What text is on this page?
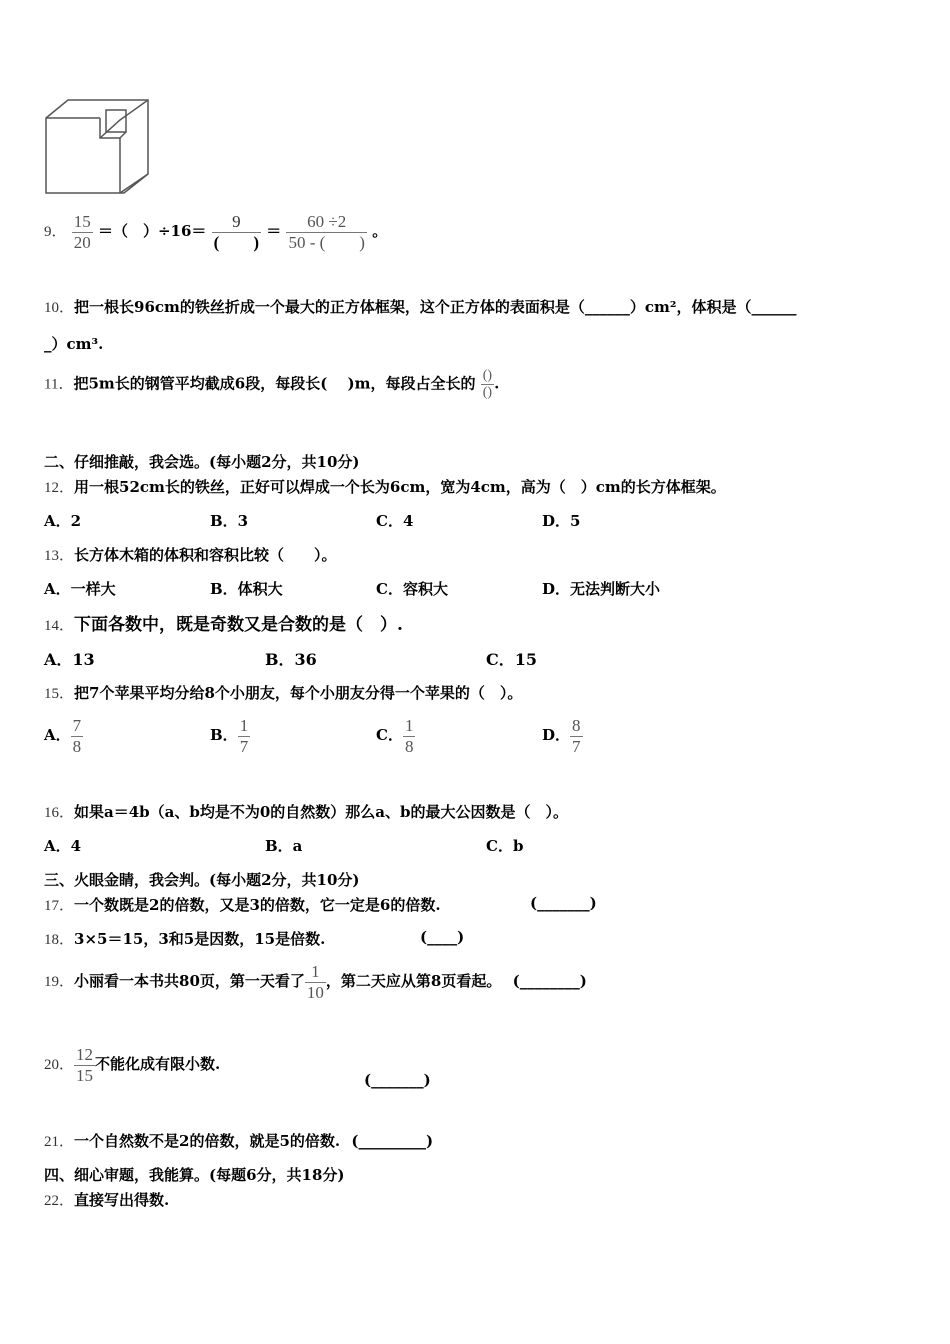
9． $\frac{15}{20}$ ＝（　）$\div 16= \frac{9}{( )} = \frac{60 \div 2}{50 - ( )}$ 。
10．把一根长96cm的铁丝折成一个最大的正方体框架，这个正方体的表面积是（______）cm²，体积是（______
_）cm³.
11．把5m长的钢管平均截成6段，每段长(　 )m，每段占全长的 $\frac{()}{()}$ .
二、仔细推敲，我会选。(每小题2分，共10分)
12．用一根52cm长的铁丝，正好可以焊成一个长为6cm，宽为4cm，高为（　）cm的长方体框架。
A．2	B．3	C．4	D．5
13．长方体木箱的体积和容积比较（　　）。
A．一样大	B．体积大	C．容积大	D．无法判断大小
14．下面各数中，既是奇数又是合数的是（　）.
A．13	B．36	C．15
15．把7个苹果平均分给8个小朋友，每个小朋友分得一个苹果的（　）。
A． $\frac{7}{8}$	B． $\frac{1}{7}$	C． $\frac{1}{8}$	D． $\frac{8}{7}$
16．如果a＝4b（a、b均是不为0的自然数）那么a、b的最大公因数是（　）。
A．4	B．a	C．b
三、火眼金睛，我会判。(每小题2分，共10分)
17．一个数既是2的倍数，又是3的倍数，它一定是6的倍数.	(_______)
18．3×5＝15，3和5是因数，15是倍数.	(____)
19．小丽看一本书共80页，第一天看了 $\frac{1}{10}$ ，第二天应从第8页看起。 (________)
20． $\frac{12}{15}$ 不能化成有限小数.
(_______)
21．一个自然数不是2的倍数，就是5的倍数. (_________)
四、细心审题，我能算。(每题6分，共18分)
22．直接写出得数.
